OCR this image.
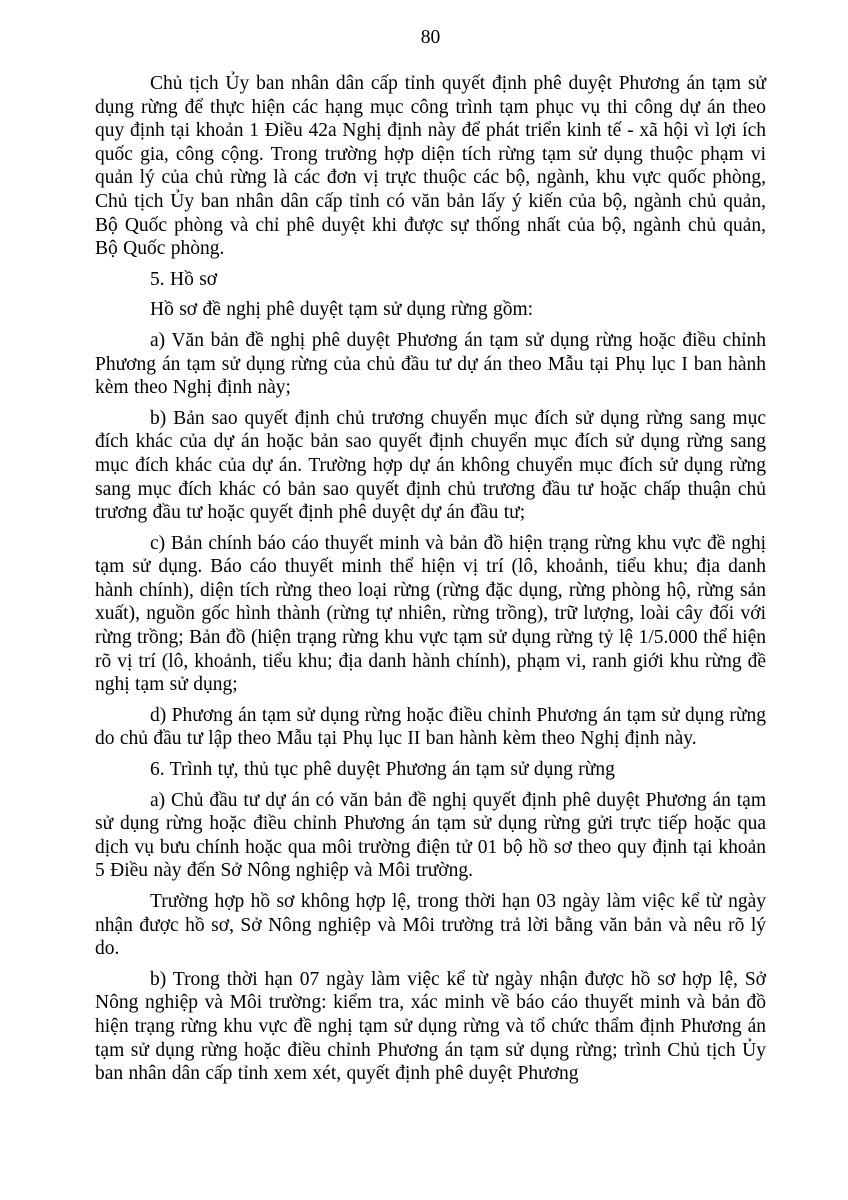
80

Chủ tịch Ủy ban nhân dân cấp tỉnh quyết định phê duyệt Phương án tạm sử dụng rừng để thực hiện các hạng mục công trình tạm phục vụ thi công dự án theo quy định tại khoản 1 Điều 42a Nghị định này để phát triển kinh tế - xã hội vì lợi ích quốc gia, công cộng. Trong trường hợp diện tích rừng tạm sử dụng thuộc phạm vi quản lý của chủ rừng là các đơn vị trực thuộc các bộ, ngành, khu vực quốc phòng, Chủ tịch Ủy ban nhân dân cấp tỉnh có văn bản lấy ý kiến của bộ, ngành chủ quản, Bộ Quốc phòng và chỉ phê duyệt khi được sự thống nhất của bộ, ngành chủ quản, Bộ Quốc phòng.

5. Hồ sơ

Hồ sơ đề nghị phê duyệt tạm sử dụng rừng gồm:

a) Văn bản đề nghị phê duyệt Phương án tạm sử dụng rừng hoặc điều chỉnh Phương án tạm sử dụng rừng của chủ đầu tư dự án theo Mẫu tại Phụ lục I ban hành kèm theo Nghị định này;

b) Bản sao quyết định chủ trương chuyển mục đích sử dụng rừng sang mục đích khác của dự án hoặc bản sao quyết định chuyển mục đích sử dụng rừng sang mục đích khác của dự án. Trường hợp dự án không chuyển mục đích sử dụng rừng sang mục đích khác có bản sao quyết định chủ trương đầu tư hoặc chấp thuận chủ trương đầu tư hoặc quyết định phê duyệt dự án đầu tư;

c) Bản chính báo cáo thuyết minh và bản đồ hiện trạng rừng khu vực đề nghị tạm sử dụng. Báo cáo thuyết minh thể hiện vị trí (lô, khoảnh, tiểu khu; địa danh hành chính), diện tích rừng theo loại rừng (rừng đặc dụng, rừng phòng hộ, rừng sản xuất), nguồn gốc hình thành (rừng tự nhiên, rừng trồng), trữ lượng, loài cây đối với rừng trồng; Bản đồ (hiện trạng rừng khu vực tạm sử dụng rừng tỷ lệ 1/5.000 thể hiện rõ vị trí (lô, khoảnh, tiểu khu; địa danh hành chính), phạm vi, ranh giới khu rừng đề nghị tạm sử dụng;

d) Phương án tạm sử dụng rừng hoặc điều chỉnh Phương án tạm sử dụng rừng do chủ đầu tư lập theo Mẫu tại Phụ lục II ban hành kèm theo Nghị định này.

6. Trình tự, thủ tục phê duyệt Phương án tạm sử dụng rừng

a) Chủ đầu tư dự án có văn bản đề nghị quyết định phê duyệt Phương án tạm sử dụng rừng hoặc điều chỉnh Phương án tạm sử dụng rừng gửi trực tiếp hoặc qua dịch vụ bưu chính hoặc qua môi trường điện tử 01 bộ hồ sơ theo quy định tại khoản 5 Điều này đến Sở Nông nghiệp và Môi trường.

Trường hợp hồ sơ không hợp lệ, trong thời hạn 03 ngày làm việc kể từ ngày nhận được hồ sơ, Sở Nông nghiệp và Môi trường trả lời bằng văn bản và nêu rõ lý do.

b) Trong thời hạn 07 ngày làm việc kể từ ngày nhận được hồ sơ hợp lệ, Sở Nông nghiệp và Môi trường: kiểm tra, xác minh về báo cáo thuyết minh và bản đồ hiện trạng rừng khu vực đề nghị tạm sử dụng rừng và tổ chức thẩm định Phương án tạm sử dụng rừng hoặc điều chỉnh Phương án tạm sử dụng rừng; trình Chủ tịch Ủy ban nhân dân cấp tỉnh xem xét, quyết định phê duyệt Phương
